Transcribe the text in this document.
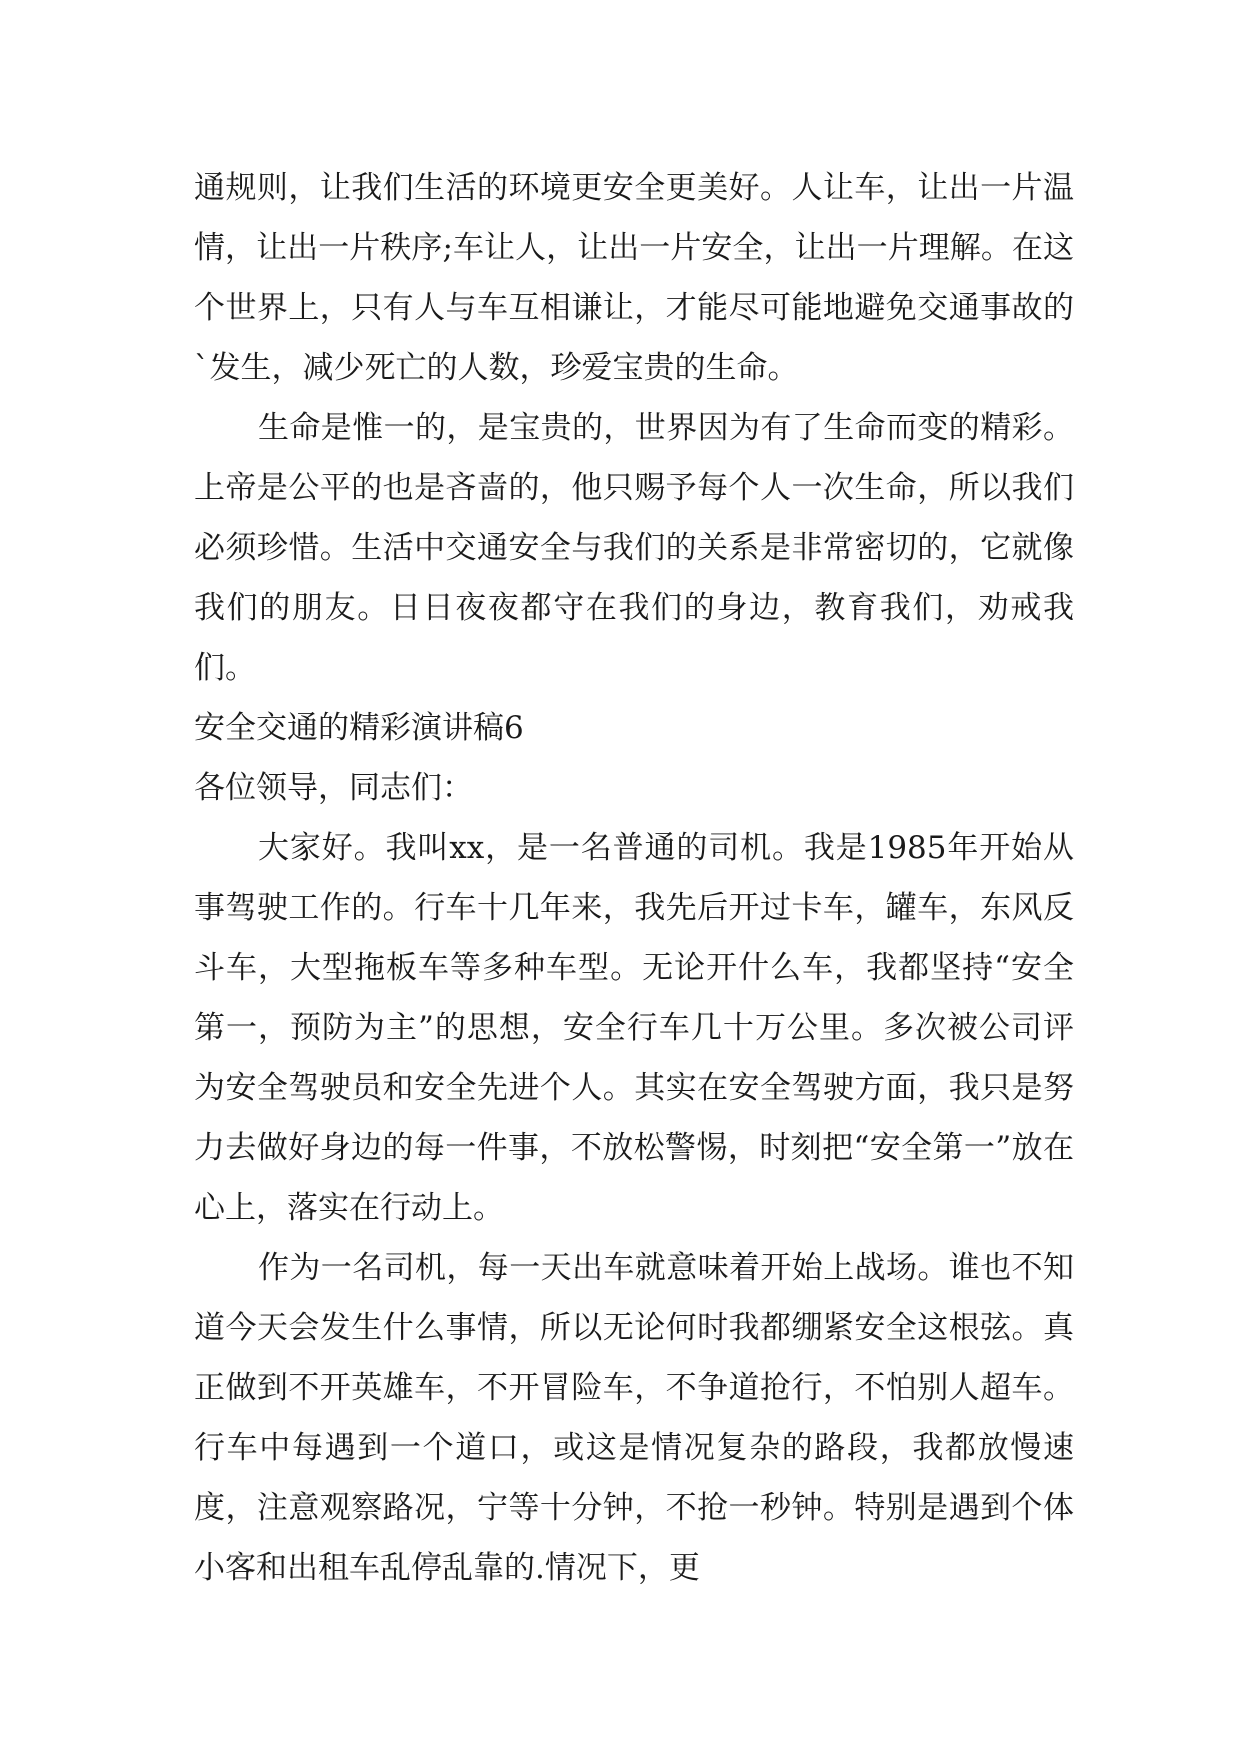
通规则，让我们生活的环境更安全更美好。人让车，让出一片温情，让出一片秩序;车让人，让出一片安全，让出一片理解。在这个世界上，只有人与车互相谦让，才能尽可能地避免交通事故的`发生，减少死亡的人数，珍爱宝贵的生命。

生命是惟一的，是宝贵的，世界因为有了生命而变的精彩。上帝是公平的也是吝啬的，他只赐予每个人一次生命，所以我们必须珍惜。生活中交通安全与我们的关系是非常密切的，它就像我们的朋友。日日夜夜都守在我们的身边，教育我们，劝戒我们。

安全交通的精彩演讲稿6

各位领导，同志们：

大家好。我叫xx，是一名普通的司机。我是1985年开始从事驾驶工作的。行车十几年来，我先后开过卡车，罐车，东风反斗车，大型拖板车等多种车型。无论开什么车，我都坚持“安全第一，预防为主”的思想，安全行车几十万公里。多次被公司评为安全驾驶员和安全先进个人。其实在安全驾驶方面，我只是努力去做好身边的每一件事，不放松警惕，时刻把“安全第一”放在心上，落实在行动上。

作为一名司机，每一天出车就意味着开始上战场。谁也不知道今天会发生什么事情，所以无论何时我都绷紧安全这根弦。真正做到不开英雄车，不开冒险车，不争道抢行，不怕别人超车。行车中每遇到一个道口，或这是情况复杂的路段，我都放慢速度，注意观察路况，宁等十分钟，不抢一秒钟。特别是遇到个体小客和出租车乱停乱靠的.情况下，更
